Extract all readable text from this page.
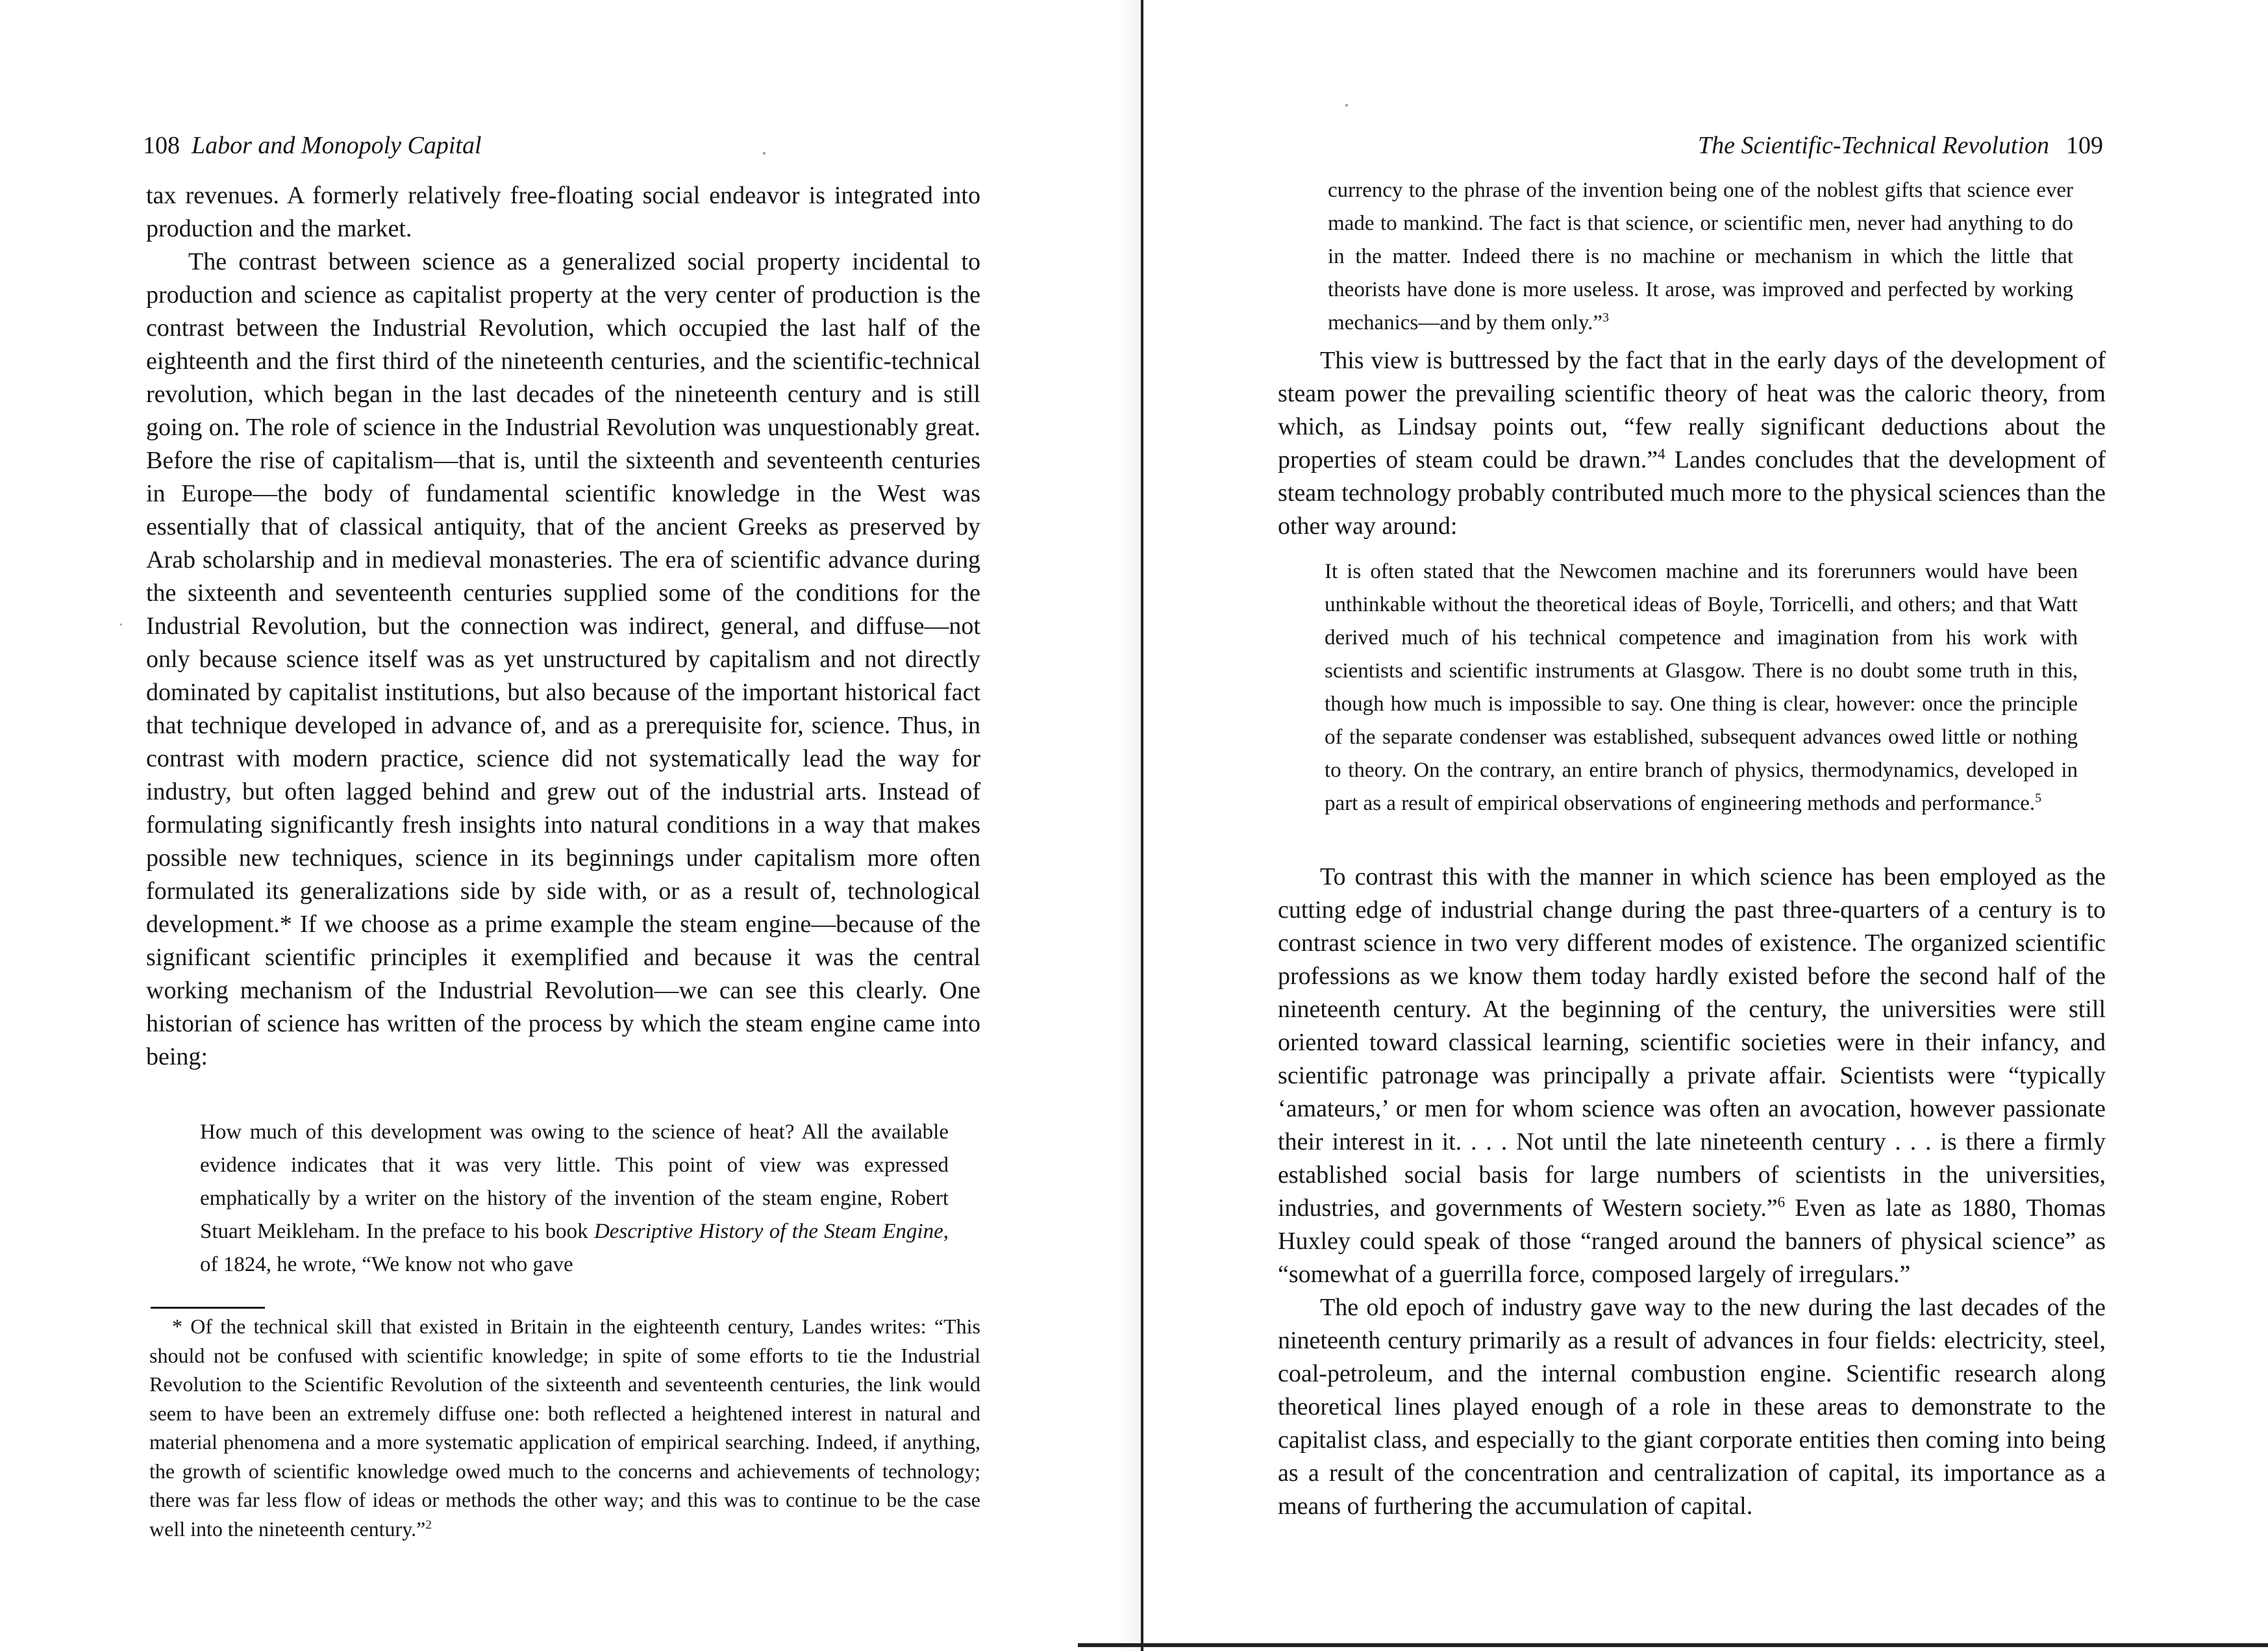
108 Labor and Monopoly Capital

tax revenues. A formerly relatively free-floating social endeavor is integrated into production and the market.

The contrast between science as a generalized social property incidental to production and science as capitalist property at the very center of production is the contrast between the Industrial Revolution, which occupied the last half of the eighteenth and the first third of the nineteenth centuries, and the scientific-technical revolution, which began in the last decades of the nineteenth century and is still going on. The role of science in the Industrial Revolution was unquestionably great. Before the rise of capitalism—that is, until the sixteenth and seventeenth centuries in Europe—the body of fundamental scientific knowledge in the West was essentially that of classical antiquity, that of the ancient Greeks as preserved by Arab scholarship and in medieval monasteries. The era of scientific advance during the sixteenth and seventeenth centuries supplied some of the conditions for the Industrial Revolution, but the connection was indirect, general, and diffuse—not only because science itself was as yet unstructured by capitalism and not directly dominated by capitalist institutions, but also because of the important historical fact that technique developed in advance of, and as a prerequisite for, science. Thus, in contrast with modern practice, science did not systematically lead the way for industry, but often lagged behind and grew out of the industrial arts. Instead of formulating significantly fresh insights into natural conditions in a way that makes possible new techniques, science in its beginnings under capitalism more often formulated its generalizations side by side with, or as a result of, technological development.* If we choose as a prime example the steam engine—because of the significant scientific principles it exemplified and because it was the central working mechanism of the Industrial Revolution—we can see this clearly. One historian of science has written of the process by which the steam engine came into being:

How much of this development was owing to the science of heat? All the available evidence indicates that it was very little. This point of view was expressed emphatically by a writer on the history of the invention of the steam engine, Robert Stuart Meikleham. In the preface to his book Descriptive History of the Steam Engine, of 1824, he wrote, “We know not who gave

* Of the technical skill that existed in Britain in the eighteenth century, Landes writes: “This should not be confused with scientific knowledge; in spite of some efforts to tie the Industrial Revolution to the Scientific Revolution of the sixteenth and seventeenth centuries, the link would seem to have been an extremely diffuse one: both reflected a heightened interest in natural and material phenomena and a more systematic application of empirical searching. Indeed, if anything, the growth of scientific knowledge owed much to the concerns and achievements of technology; there was far less flow of ideas or methods the other way; and this was to continue to be the case well into the nineteenth century.”$^2$

The Scientific-Technical Revolution 109

currency to the phrase of the invention being one of the noblest gifts that science ever made to mankind. The fact is that science, or scientific men, never had anything to do in the matter. Indeed there is no machine or mechanism in which the little that theorists have done is more useless. It arose, was improved and perfected by working mechanics—and by them only.”$^3$

This view is buttressed by the fact that in the early days of the development of steam power the prevailing scientific theory of heat was the caloric theory, from which, as Lindsay points out, “few really significant deductions about the properties of steam could be drawn.”$^4$ Landes concludes that the development of steam technology probably contributed much more to the physical sciences than the other way around:

It is often stated that the Newcomen machine and its forerunners would have been unthinkable without the theoretical ideas of Boyle, Torricelli, and others; and that Watt derived much of his technical competence and imagination from his work with scientists and scientific instruments at Glasgow. There is no doubt some truth in this, though how much is impossible to say. One thing is clear, however: once the principle of the separate condenser was established, subsequent advances owed little or nothing to theory. On the contrary, an entire branch of physics, thermodynamics, developed in part as a result of empirical observations of engineering methods and performance.$^5$

To contrast this with the manner in which science has been employed as the cutting edge of industrial change during the past three-quarters of a century is to contrast science in two very different modes of existence. The organized scientific professions as we know them today hardly existed before the second half of the nineteenth century. At the beginning of the century, the universities were still oriented toward classical learning, scientific societies were in their infancy, and scientific patronage was principally a private affair. Scientists were “typically ‘amateurs,’ or men for whom science was often an avocation, however passionate their interest in it. . . . Not until the late nineteenth century . . . is there a firmly established social basis for large numbers of scientists in the universities, industries, and governments of Western society.”$^6$ Even as late as 1880, Thomas Huxley could speak of those “ranged around the banners of physical science” as “somewhat of a guerrilla force, composed largely of irregulars.”

The old epoch of industry gave way to the new during the last decades of the nineteenth century primarily as a result of advances in four fields: electricity, steel, coal-petroleum, and the internal combustion engine. Scientific research along theoretical lines played enough of a role in these areas to demonstrate to the capitalist class, and especially to the giant corporate entities then coming into being as a result of the concentration and centralization of capital, its importance as a means of furthering the accumulation of capital.
